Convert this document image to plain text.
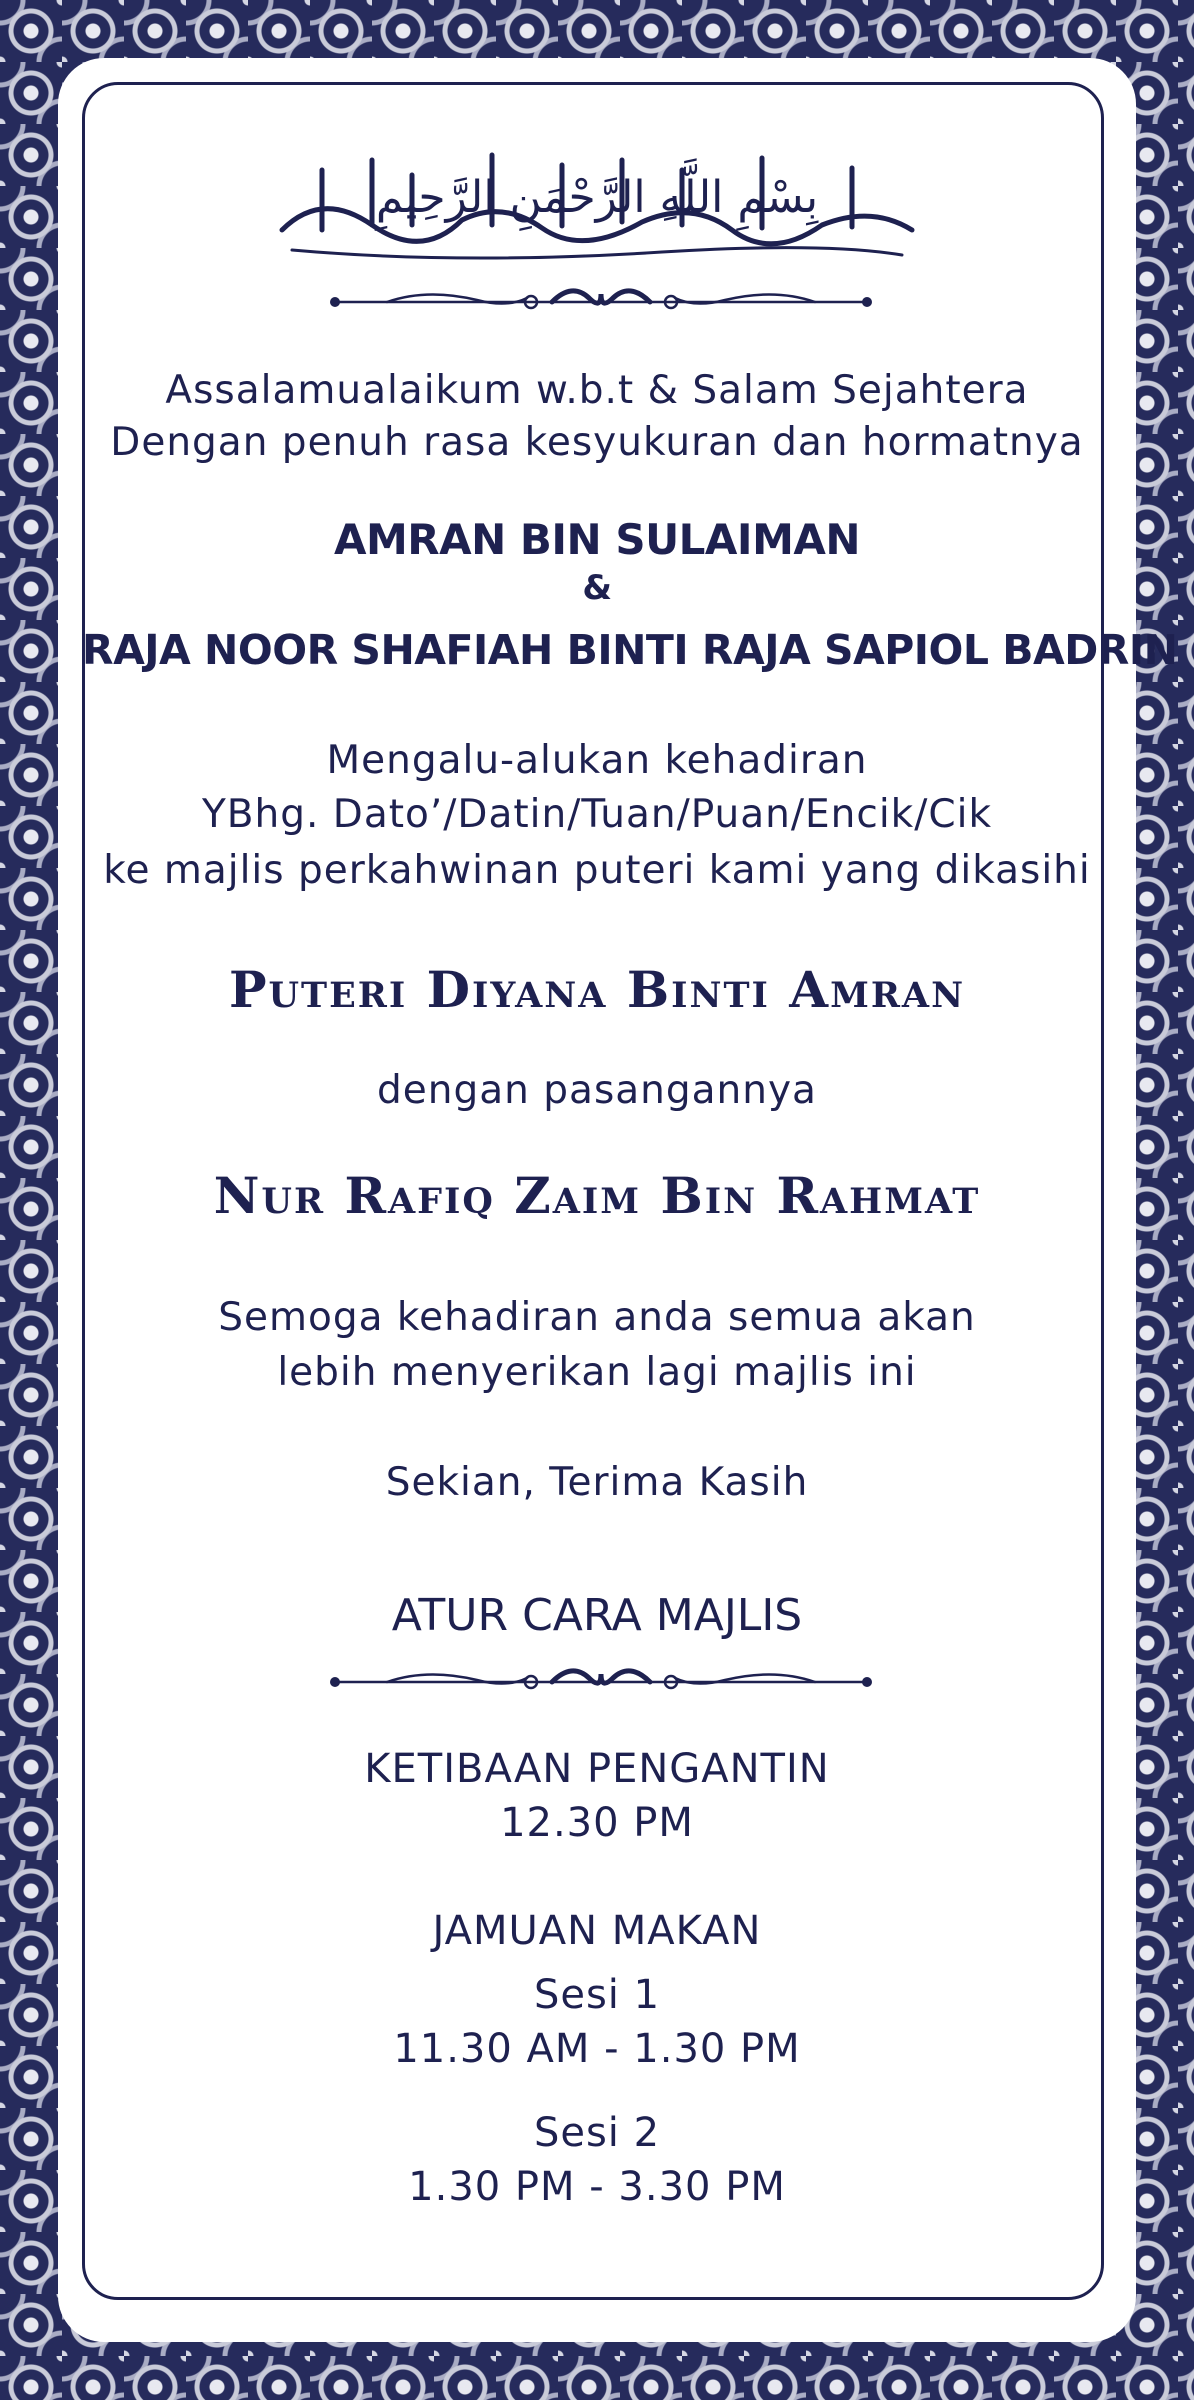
بِسْمِ اللَّهِ الرَّحْمَنِ الرَّحِيمِ

Assalamualaikum w.b.t & Salam Sejahtera

Dengan penuh rasa kesyukuran dan hormatnya

AMRAN BIN SULAIMAN

&

RAJA NOOR SHAFIAH BINTI RAJA SAPIOL BADRIN

Mengalu-alukan kehadiran

YBhg. Dato’/Datin/Tuan/Puan/Encik/Cik

ke majlis perkahwinan puteri kami yang dikasihi

Puteri Diyana Binti Amran

dengan pasangannya

Nur Rafiq Zaim Bin Rahmat

Semoga kehadiran anda semua akan

lebih menyerikan lagi majlis ini

Sekian, Terima Kasih

ATUR CARA MAJLIS

KETIBAAN PENGANTIN

12.30 PM

JAMUAN MAKAN

Sesi 1

11.30 AM - 1.30 PM

Sesi 2

1.30 PM - 3.30 PM
